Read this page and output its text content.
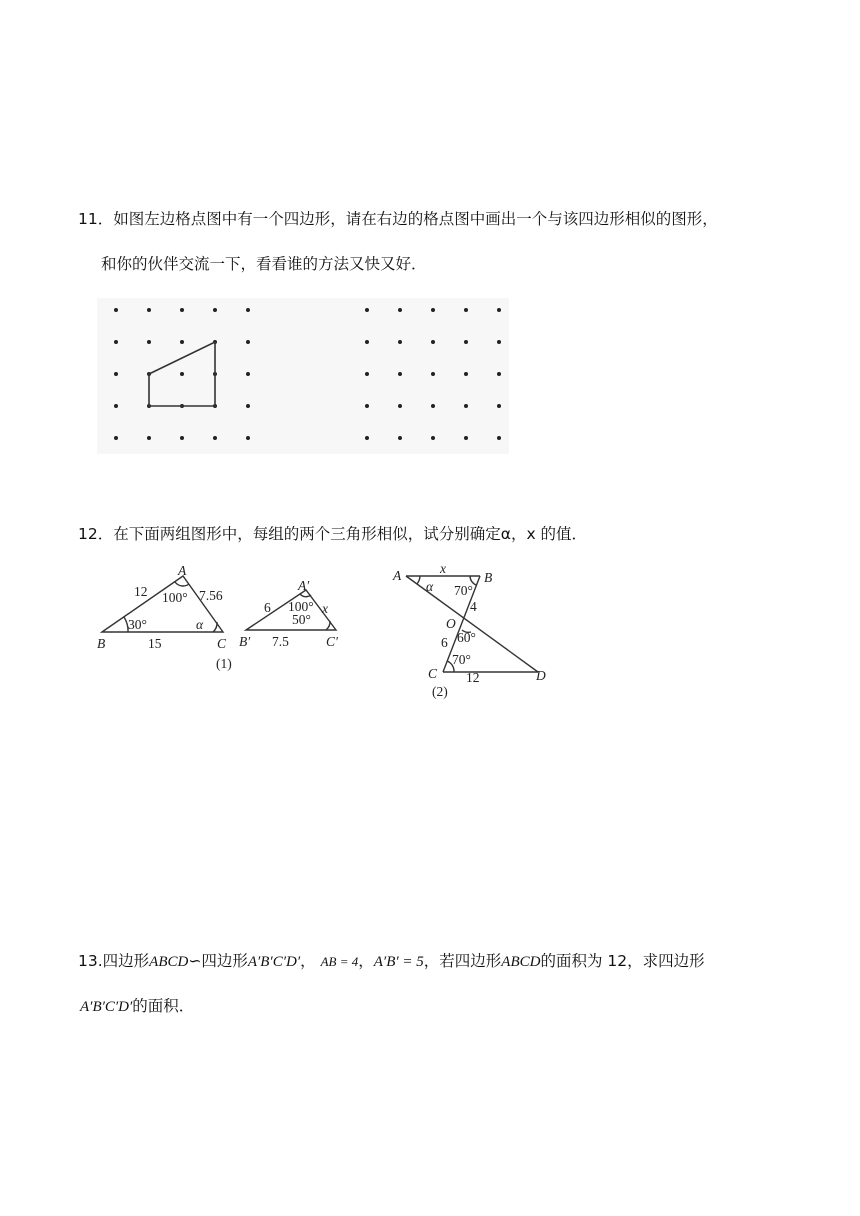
11．如图左边格点图中有一个四边形，请在右边的格点图中画出一个与该四边形相似的图形，
和你的伙伴交流一下，看看谁的方法又快又好．
12．在下面两组图形中，每组的两个三角形相似，试分别确定α，x 的值．
A
B	C
12	7.56
15
100°
30°	α
A′
B′	C′
6	x
7.5
100°
50°
(1)
A	B
C	D
O
x
α 70°
4
60°
6
70°
12
(2)
13.四边形ABCD∽四边形A′B′C′D′， AB = 4，A′B′ = 5，若四边形ABCD的面积为 12，求四边形
A′B′C′D′的面积．
